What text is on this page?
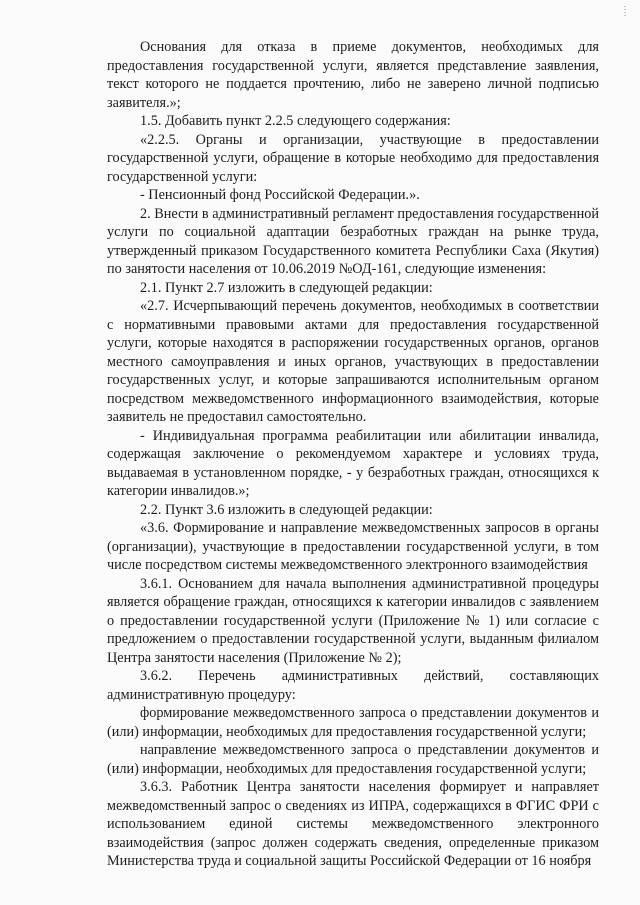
Основания для отказа в приеме документов, необходимых для предоставления государственной услуги, является представление заявления, текст которого не поддается прочтению, либо не заверено личной подписью заявителя.»;

1.5. Добавить пункт 2.2.5 следующего содержания:

«2.2.5. Органы и организации, участвующие в предоставлении государственной услуги, обращение в которые необходимо для предоставления государственной услуги:

- Пенсионный фонд Российской Федерации.».

2. Внести в административный регламент предоставления государственной услуги по социальной адаптации безработных граждан на рынке труда, утвержденный приказом Государственного комитета Республики Саха (Якутия) по занятости населения от 10.06.2019 №ОД-161, следующие изменения:

2.1. Пункт 2.7 изложить в следующей редакции:

«2.7. Исчерпывающий перечень документов, необходимых в соответствии с нормативными правовыми актами для предоставления государственной услуги, которые находятся в распоряжении государственных органов, органов местного самоуправления и иных органов, участвующих в предоставлении государственных услуг, и которые запрашиваются исполнительным органом посредством межведомственного информационного взаимодействия, которые заявитель не предоставил самостоятельно.

- Индивидуальная программа реабилитации или абилитации инвалида, содержащая заключение о рекомендуемом характере и условиях труда, выдаваемая в установленном порядке, - у безработных граждан, относящихся к категории инвалидов.»;

2.2. Пункт 3.6 изложить в следующей редакции:

«3.6. Формирование и направление межведомственных запросов в органы (организации), участвующие в предоставлении государственной услуги, в том числе посредством системы межведомственного электронного взаимодействия

3.6.1. Основанием для начала выполнения административной процедуры является обращение граждан, относящихся к категории инвалидов с заявлением о предоставлении государственной услуги (Приложение № 1) или согласие с предложением о предоставлении государственной услуги, выданным филиалом Центра занятости населения (Приложение № 2);

3.6.2. Перечень административных действий, составляющих административную процедуру:

формирование межведомственного запроса о представлении документов и (или) информации, необходимых для предоставления государственной услуги;

направление межведомственного запроса о представлении документов и (или) информации, необходимых для предоставления государственной услуги;

3.6.3. Работник Центра занятости населения формирует и направляет межведомственный запрос о сведениях из ИПРА, содержащихся в ФГИС ФРИ с использованием единой системы межведомственного электронного взаимодействия (запрос должен содержать сведения, определенные приказом Министерства труда и социальной защиты Российской Федерации от 16 ноября
